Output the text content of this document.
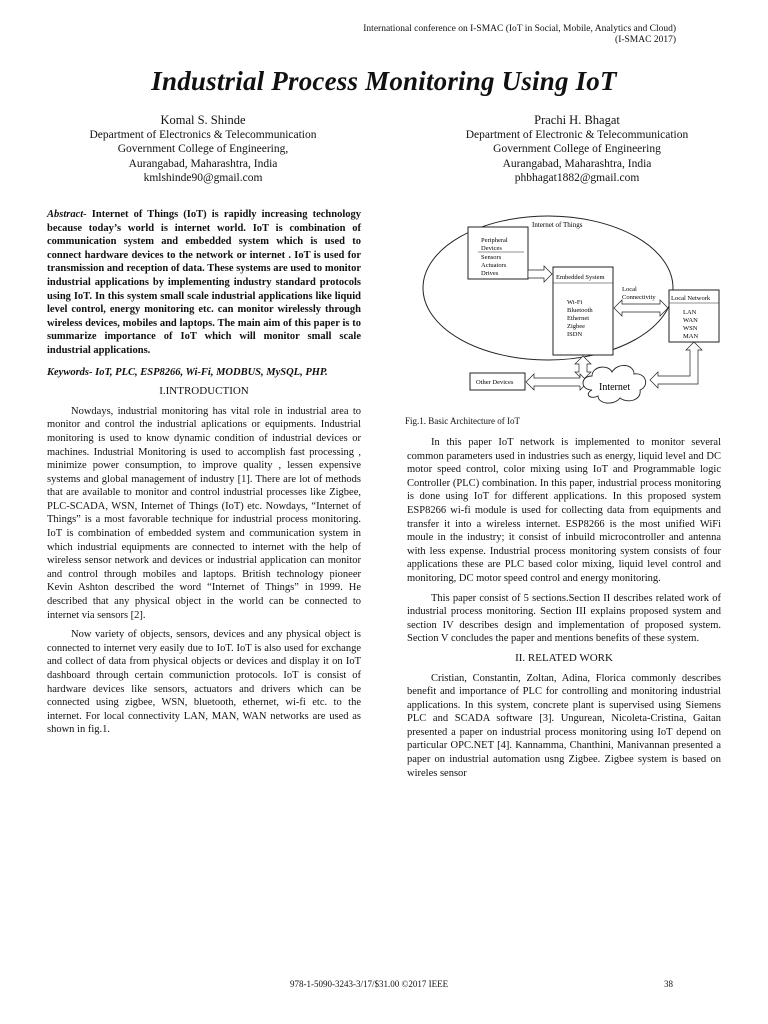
International conference on I-SMAC (IoT in Social, Mobile, Analytics and Cloud)
(I-SMAC 2017)
Industrial Process Monitoring Using IoT
Komal S. Shinde
Department of Electronics & Telecommunication
Government College of Engineering,
Aurangabad, Maharashtra, India
kmlshinde90@gmail.com
Prachi H. Bhagat
Department of Electronic & Telecommunication
Government College of Engineering
Aurangabad, Maharashtra, India
phbhagat1882@gmail.com

Abstract- Internet of Things (IoT) is rapidly increasing technology because today’s world is internet world. IoT is combination of communication system and embedded system which is used to connect hardware devices to the network or internet . IoT is used for transmission and reception of data. These systems are used to monitor industrial applications by implementing industry standard protocols using IoT. In this system small scale industrial applications like liquid level control, energy monitoring etc. can monitor wirelessly through wireless devices, mobiles and laptops. The main aim of this paper is to summarize importance of IoT which will monitor small scale industrial applications.

Keywords- IoT, PLC, ESP8266, Wi-Fi, MODBUS, MySQL, PHP.

I.INTRODUCTION

Nowdays, industrial monitoring has vital role in industrial area to monitor and control the industrial aplications or equipments. Industrial monitoring is used to know dynamic condition of industrial devices or machines. Industrial Monitoring is used to accomplish fast processing , minimize power consumption, to improve quality , lessen expensive systems and global management of industry [1]. There are lot of methods that are available to monitor and control industrial processes like Zigbee, PLC-SCADA, WSN, Internet of Things (IoT) etc. Nowdays, “Internet of Things” is a most favorable technique for industrial process monitoring. IoT is combination of embedded system and communication system in which industrial equipments are connected to internet with the help of wireless sensor network and devices or industrial application can monitor and control through mobiles and laptops. British technology pioneer Kevin Ashton described the word “Internet of Things” in 1999. He described that any physical object in the world can be connected to internet via sensors [2].

Now variety of objects, sensors, devices and any physical object is connected to internet very easily due to IoT. IoT is also used for exchange and collect of data from physical objects or devices and display it on IoT dashboard through certain communiction protocols. IoT is consist of hardware devices like sensors, actuators and drivers which can be connected using zigbee, WSN, bluetooth, ethernet, wi-fi etc. to the internet. For local connectivity LAN, MAN, WAN networks are used as shown in fig.1.

Internet of Things
Peripheral
Devices
Sensors
Actuators
Drives
Embedded System
Wi-Fi
Bluetooth
Ethernet
Zigbee
ISDN
Local
Connectivity Local Network
LAN
WAN
WSN
MAN
Other Devices	Internet
Fig.1. Basic Architecture of IoT

In this paper IoT network is implemented to monitor several common parameters used in industries such as energy, liquid level and DC motor speed control, color mixing using IoT and Programmable logic Controller (PLC) combination. In this paper, industrial process monitoring is done using IoT for different applications. In this proposed system ESP8266 wi-fi module is used for collecting data from equipments and transfer it into a wireless internet. ESP8266 is the most unified WiFi moule in the industry; it consist of inbuild microcontroller and antenna with less expense. Industrial process monitoring system consists of four applications these are PLC based color mixing, liquid level control and monitoring, DC motor speed control and energy monitoring.

This paper consist of 5 sections.Section II describes related work of industrial process monitoring. Section III explains proposed system and section IV describes design and implementation of proposed system. Section V concludes the paper and mentions benefits of these system.

II. RELATED WORK

Cristian, Constantin, Zoltan, Adina, Florica commonly describes benefit and importance of PLC for controlling and monitoring industrial applications. In this system, concrete plant is supervised using Siemens PLC and SCADA software [3]. Ungurean, Nicoleta-Cristina, Gaitan presented a paper on industrial process monitoring using IoT depend on particular OPC.NET [4]. Kannamma, Chanthini, Manivannan presented a paper on industrial automation usng Zigbee. Zigbee system is based on wireles sensor

978-1-5090-3243-3/17/$31.00 ©2017 IEEE	38
